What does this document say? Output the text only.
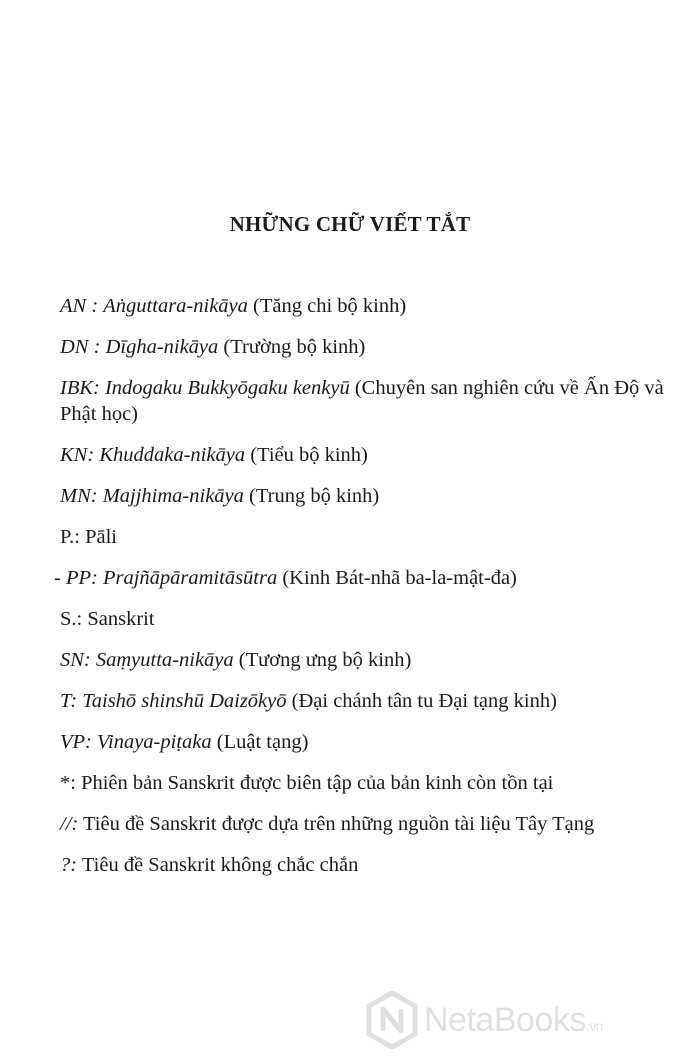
NHỮNG CHỮ VIẾT TẮT
AN : Aṅguttara-nikāya (Tăng chi bộ kinh)
DN : Dīgha-nikāya (Trường bộ kinh)
IBK: Indogaku Bukkyōgaku kenkyū (Chuyên san nghiên cứu về Ấn Độ và Phật học)
KN: Khuddaka-nikāya (Tiểu bộ kinh)
MN: Majjhima-nikāya (Trung bộ kinh)
P.: Pāli
- PP: Prajñāpāramitāsūtra (Kinh Bát-nhã ba-la-mật-đa)
S.: Sanskrit
SN: Saṃyutta-nikāya (Tương ưng bộ kinh)
T: Taishō shinshū Daizōkyō (Đại chánh tân tu Đại tạng kinh)
VP: Vinaya-piṭaka (Luật tạng)
*: Phiên bản Sanskrit được biên tập của bản kinh còn tồn tại
//: Tiêu đề Sanskrit được dựa trên những nguồn tài liệu Tây Tạng
?: Tiêu đề Sanskrit không chắc chắn
NetaBooks.vn
